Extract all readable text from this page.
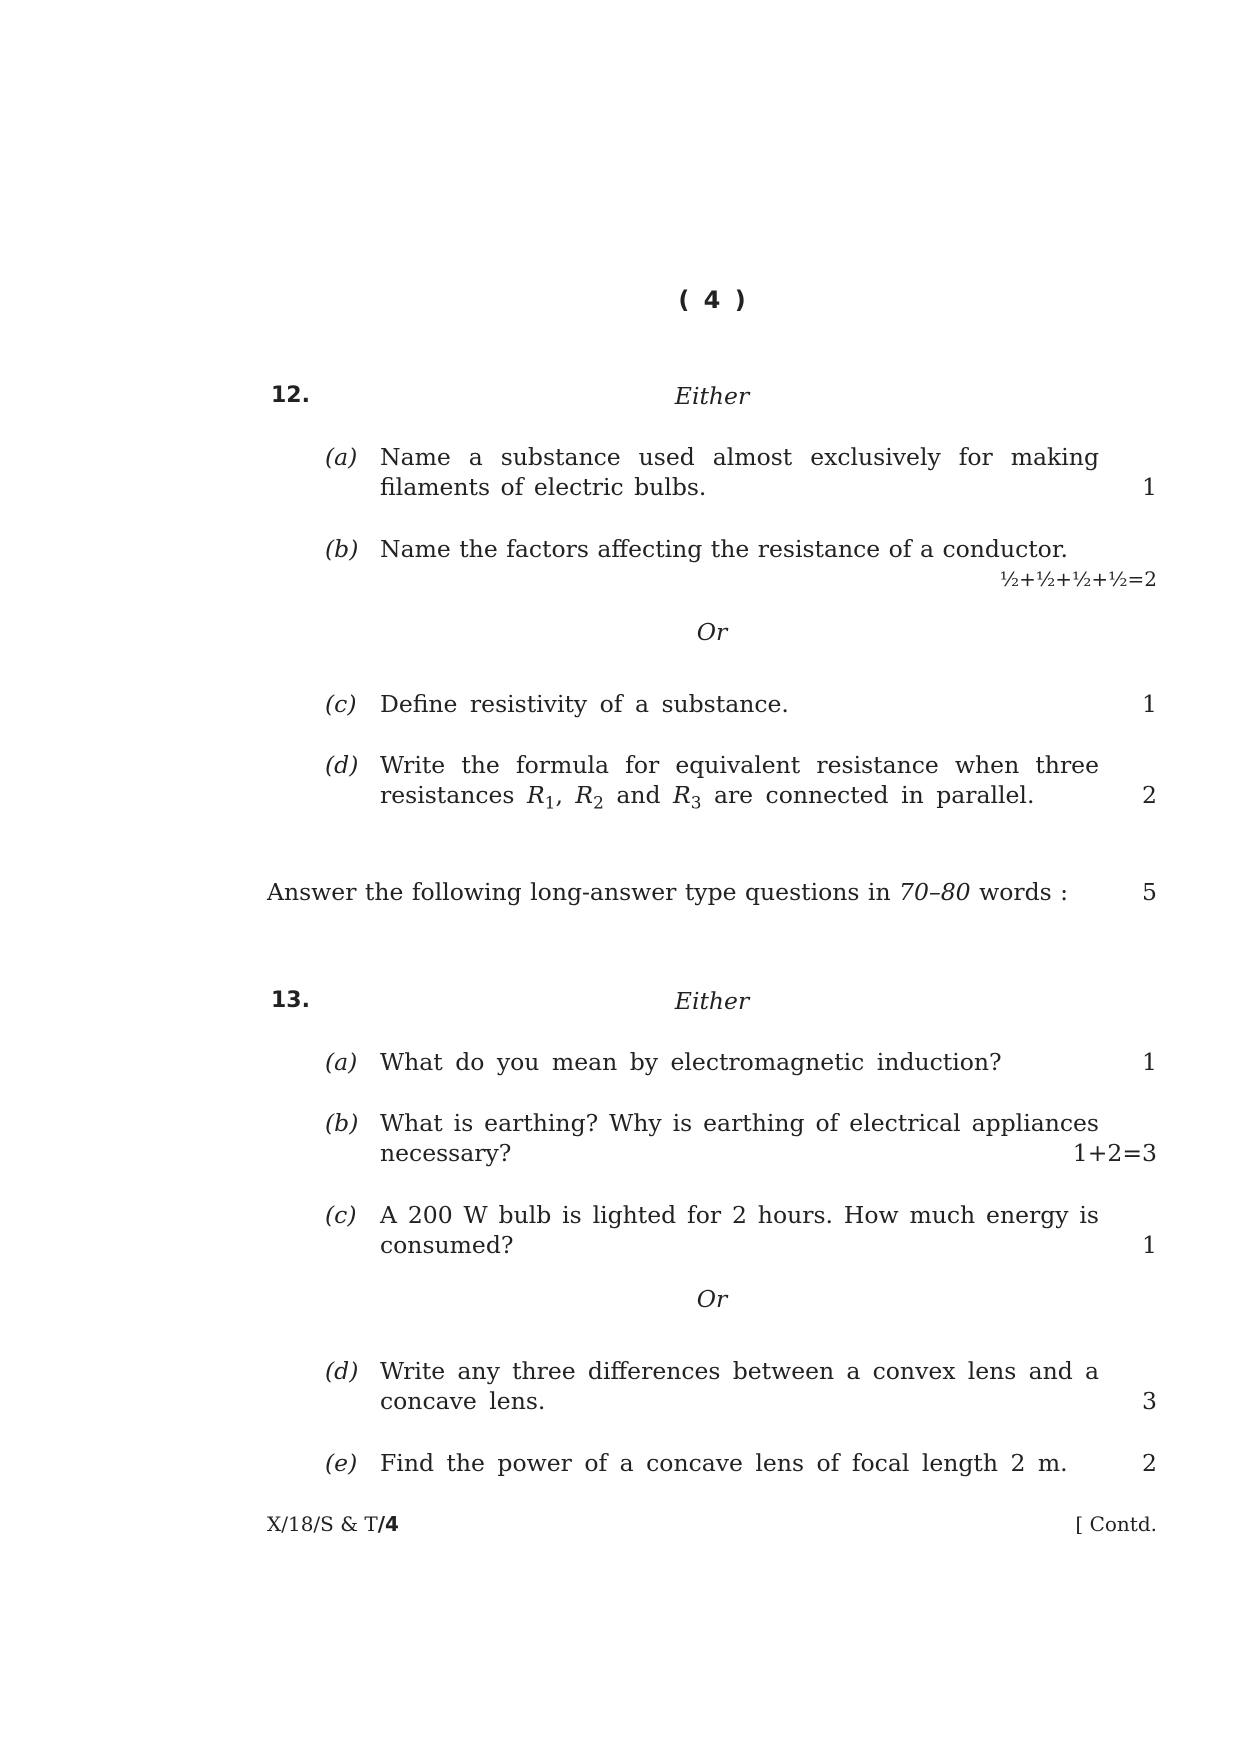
( 4 )
12.	Either
(a) Name a substance used almost exclusively for making
filaments of electric bulbs.	1
(b) Name the factors affecting the resistance of a conductor.
½+½+½+½=2
Or
(c) Define resistivity of a substance.	1
(d) Write the formula for equivalent resistance when three
resistances $R_1$, $R_2$ and $R_3$ are connected in parallel.	2
Answer the following long-answer type questions in 70–80 words :	5
13.	Either
(a) What do you mean by electromagnetic induction?	1
(b) What is earthing? Why is earthing of electrical appliances
necessary?	1+2=3
(c) A 200 W bulb is lighted for 2 hours. How much energy is
consumed?	1
Or
(d) Write any three differences between a convex lens and a
concave lens.	3
(e) Find the power of a concave lens of focal length 2 m.	2
X/18/S & T/4	[ Contd.
